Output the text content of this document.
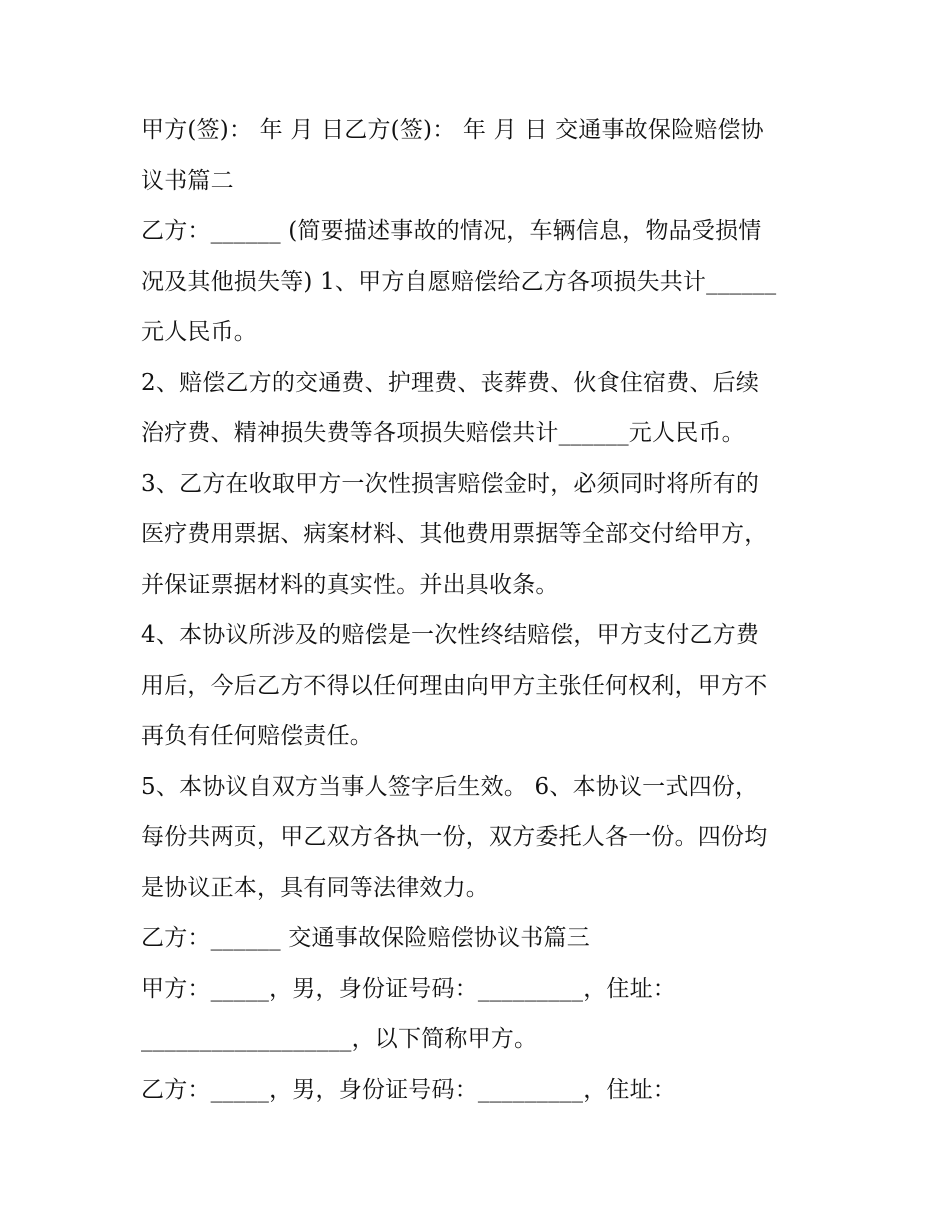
甲方(签)： 年 月 日乙方(签)： 年 月 日 交通事故保险赔偿协
议书篇二
乙方：______ (简要描述事故的情况，车辆信息，物品受损情
况及其他损失等) 1、甲方自愿赔偿给乙方各项损失共计______
元人民币。
2、赔偿乙方的交通费、护理费、丧葬费、伙食住宿费、后续
治疗费、精神损失费等各项损失赔偿共计______元人民币。
3、乙方在收取甲方一次性损害赔偿金时，必须同时将所有的
医疗费用票据、病案材料、其他费用票据等全部交付给甲方，
并保证票据材料的真实性。并出具收条。
4、本协议所涉及的赔偿是一次性终结赔偿，甲方支付乙方费
用后，今后乙方不得以任何理由向甲方主张任何权利，甲方不
再负有任何赔偿责任。
5、本协议自双方当事人签字后生效。 6、本协议一式四份，
每份共两页，甲乙双方各执一份，双方委托人各一份。四份均
是协议正本，具有同等法律效力。
乙方：______ 交通事故保险赔偿协议书篇三
甲方：_____，男，身份证号码：_________，住址：
__________________，以下简称甲方。
乙方：_____，男，身份证号码：_________，住址：
